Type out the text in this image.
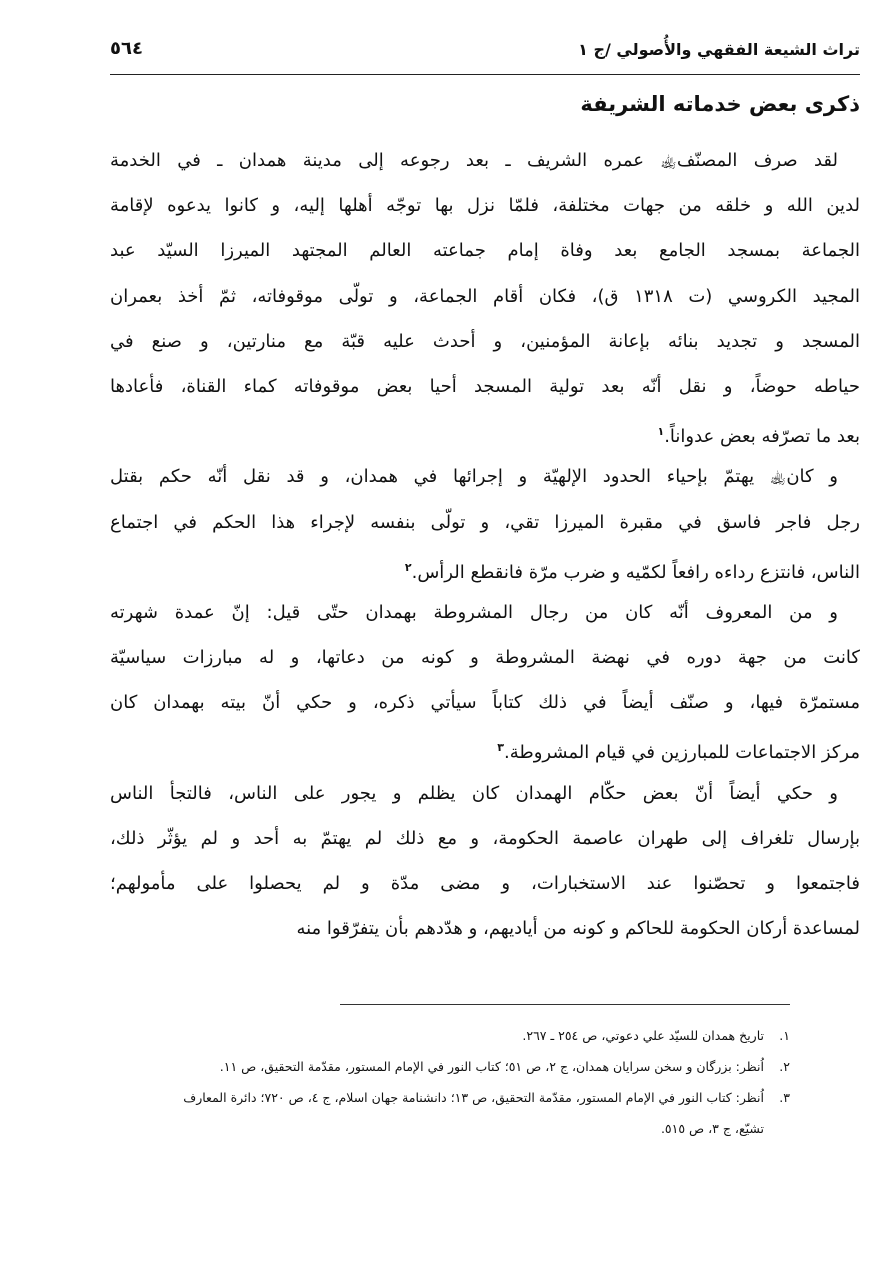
تراث الشيعة الفقهي والأُصولي /ج ١
٥٦٤
ذكرى بعض خدماته الشريفة
لقد صرف المصنّف﵀ عمره الشريف ـ بعد رجوعه إلى مدينة همدان ـ في الخدمة
لدين الله و خلقه من جهات مختلفة، فلمّا نزل بها توجّه أهلها إليه، و كانوا يدعوه لإقامة
الجماعة بمسجد الجامع بعد وفاة إمام جماعته العالم المجتهد الميرزا السيّد عبد
المجيد الكروسي (ت ١٣١٨ ق)، فكان أقام الجماعة، و تولّى موقوفاته، ثمّ أخذ بعمران
المسجد و تجديد بنائه بإعانة المؤمنين، و أحدث عليه قبّة مع منارتين، و صنع في
حياطه حوضاً، و نقل أنّه بعد تولية المسجد أحيا بعض موقوفاته كماء القناة، فأعادها
بعد ما تصرّفه بعض عدواناً.$^١$
و كان﵀ يهتمّ بإحياء الحدود الإلهيّة و إجرائها في همدان، و قد نقل أنّه حكم بقتل
رجل فاجر فاسق في مقبرة الميرزا تقي، و تولّى بنفسه لإجراء هذا الحكم في اجتماع
الناس، فانتزع رداءه رافعاً لكمّيه و ضرب مرّة فانقطع الرأس.$^٢$
و من المعروف أنّه كان من رجال المشروطة بهمدان حتّى قيل: إنّ عمدة شهرته
كانت من جهة دوره في نهضة المشروطة و كونه من دعاتها، و له مبارزات سياسيّة
مستمرّة فيها، و صنّف أيضاً في ذلك كتاباً سيأتي ذكره، و حكي أنّ بيته بهمدان كان
مركز الاجتماعات للمبارزين في قيام المشروطة.$^٣$
و حكي أيضاً أنّ بعض حكّام الهمدان كان يظلم و يجور على الناس، فالتجأ الناس
بإرسال تلغراف إلى طهران عاصمة الحكومة، و مع ذلك لم يهتمّ به أحد و لم يؤثّر ذلك،
فاجتمعوا و تحصّنوا عند الاستخبارات، و مضى مدّة و لم يحصلوا على مأمولهم؛
لمساعدة أركان الحكومة للحاكم و كونه من أياديهم، و هدّدهم بأن يتفرّقوا منه
١.تاريخ همدان للسيّد علي دعوتي، ص ٢٥٤ ـ ٢٦٧.
٢.اُنظر: بزرگان و سخن سرايان همدان، ج ٢، ص ٥١؛ كتاب النور في الإمام المستور، مقدّمة التحقيق، ص ١١.
٣.اُنظر: كتاب النور في الإمام المستور، مقدّمة التحقيق، ص ١٣؛ دانشنامة جهان اسلام، ج ٤، ص ٧٢٠؛ دائرة المعارف
تشيّع، ج ٣، ص ٥١٥.
